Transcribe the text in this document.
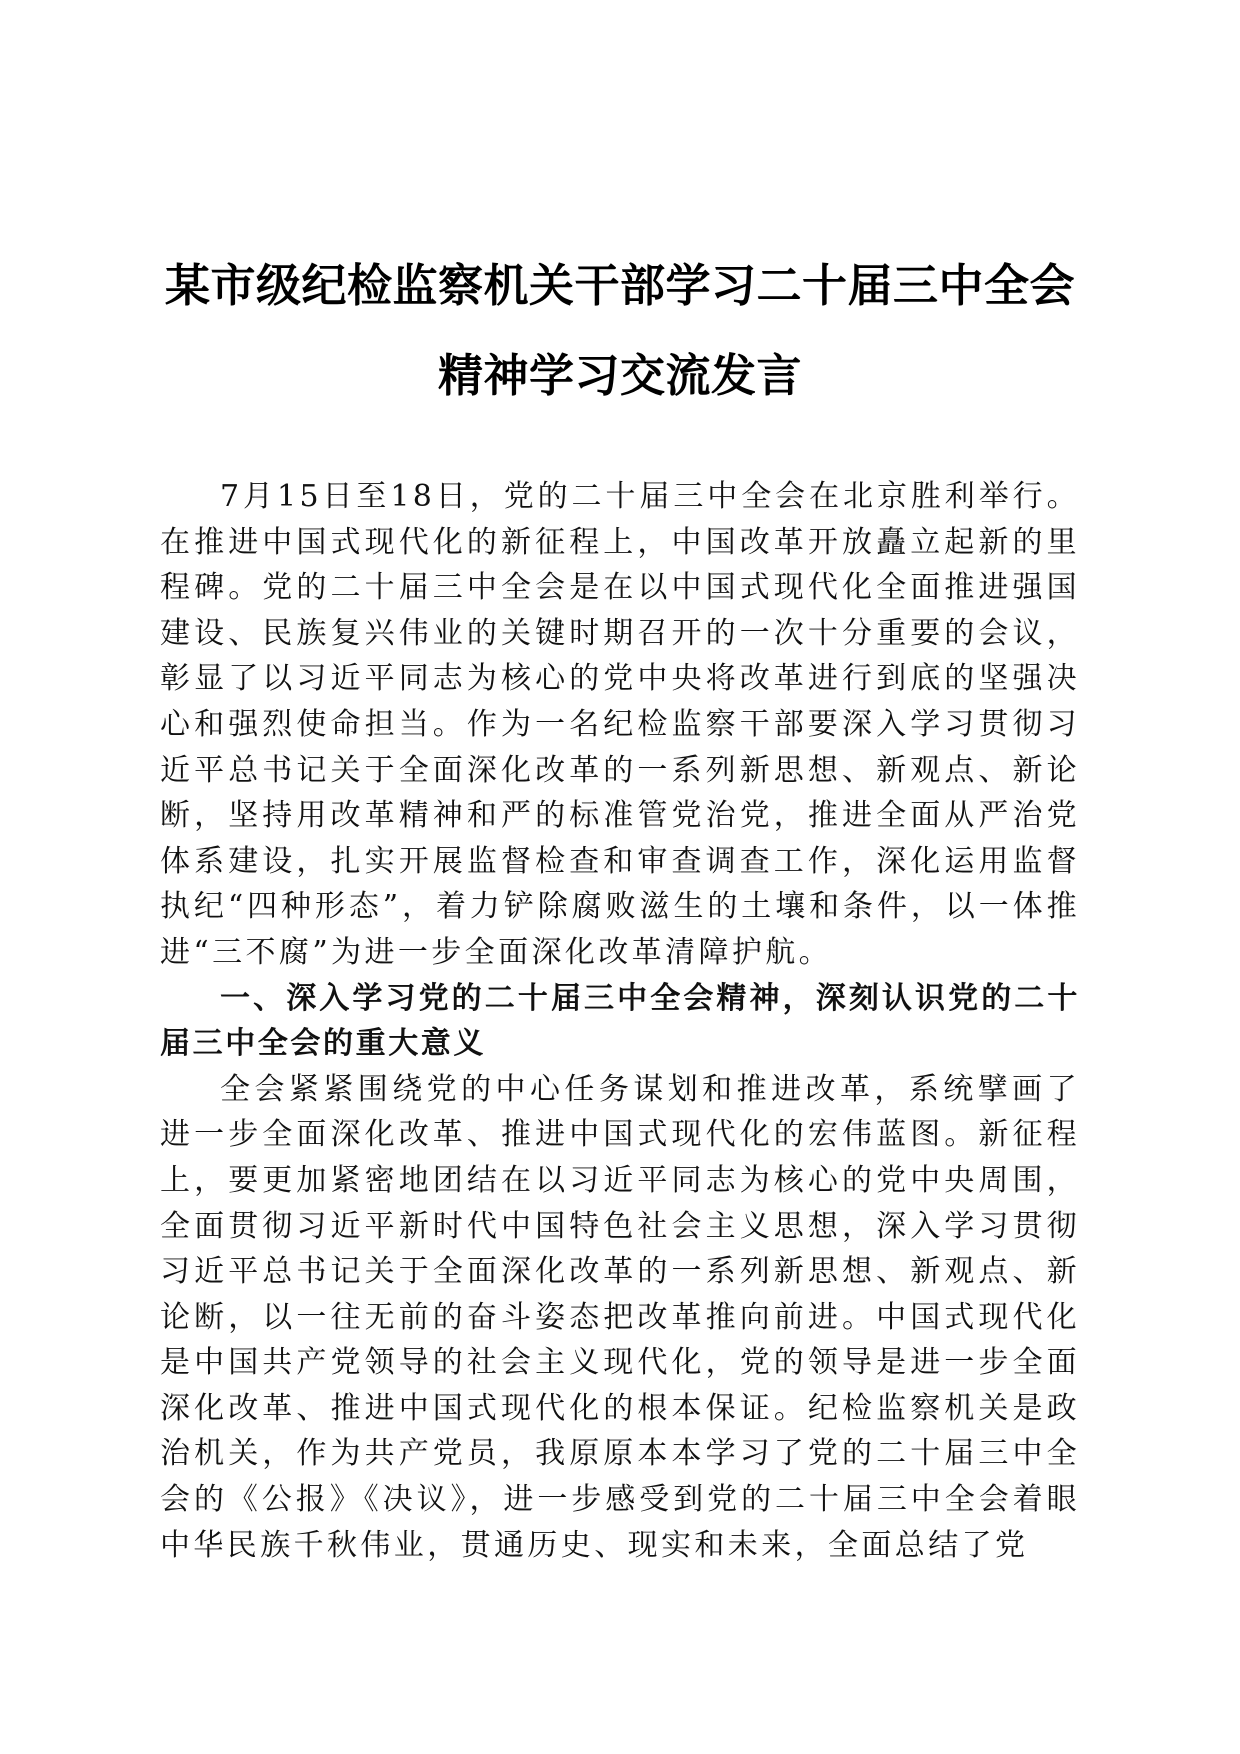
某市级纪检监察机关干部学习二十届三中全会
精神学习交流发言

7月15日至18日，党的二十届三中全会在北京胜利举行。在推进中国式现代化的新征程上，中国改革开放矗立起新的里程碑。党的二十届三中全会是在以中国式现代化全面推进强国建设、民族复兴伟业的关键时期召开的一次十分重要的会议，彰显了以习近平同志为核心的党中央将改革进行到底的坚强决心和强烈使命担当。作为一名纪检监察干部要深入学习贯彻习近平总书记关于全面深化改革的一系列新思想、新观点、新论断，坚持用改革精神和严的标准管党治党，推进全面从严治党体系建设，扎实开展监督检查和审查调查工作，深化运用监督执纪“四种形态”，着力铲除腐败滋生的土壤和条件，以一体推进“三不腐”为进一步全面深化改革清障护航。

一、深入学习党的二十届三中全会精神，深刻认识党的二十届三中全会的重大意义

全会紧紧围绕党的中心任务谋划和推进改革，系统擘画了进一步全面深化改革、推进中国式现代化的宏伟蓝图。新征程上，要更加紧密地团结在以习近平同志为核心的党中央周围，全面贯彻习近平新时代中国特色社会主义思想，深入学习贯彻习近平总书记关于全面深化改革的一系列新思想、新观点、新论断，以一往无前的奋斗姿态把改革推向前进。中国式现代化是中国共产党领导的社会主义现代化，党的领导是进一步全面深化改革、推进中国式现代化的根本保证。纪检监察机关是政治机关，作为共产党员，我原原本本学习了党的二十届三中全会的《公报》《决议》，进一步感受到党的二十届三中全会着眼中华民族千秋伟业，贯通历史、现实和未来，全面总结了党
